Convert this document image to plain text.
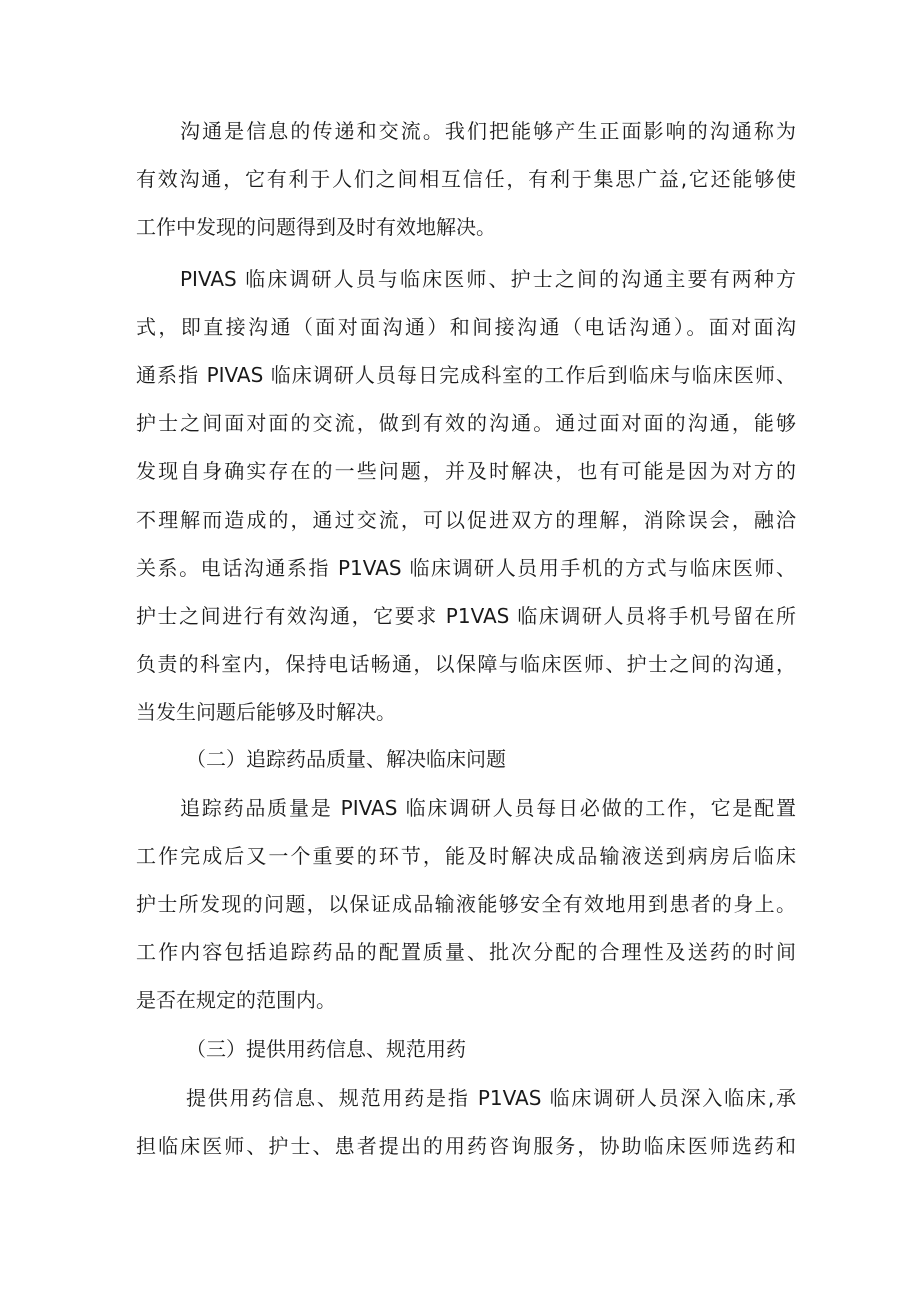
沟通是信息的传递和交流。我们把能够产生正面影响的沟通称为
有效沟通，它有利于人们之间相互信任，有利于集思广益,它还能够使
工作中发现的问题得到及时有效地解决。
PIVAS 临床调研人员与临床医师、护士之间的沟通主要有两种方
式，即直接沟通（面对面沟通）和间接沟通（电话沟通）。面对面沟
通系指 PIVAS 临床调研人员每日完成科室的工作后到临床与临床医师、
护士之间面对面的交流，做到有效的沟通。通过面对面的沟通，能够
发现自身确实存在的一些问题，并及时解决，也有可能是因为对方的
不理解而造成的，通过交流，可以促进双方的理解，消除误会，融洽
关系。电话沟通系指 P1VAS 临床调研人员用手机的方式与临床医师、
护士之间进行有效沟通，它要求 P1VAS 临床调研人员将手机号留在所
负责的科室内，保持电话畅通，以保障与临床医师、护士之间的沟通，
当发生问题后能够及时解决。
（二）追踪药品质量、解决临床问题
追踪药品质量是 PIVAS 临床调研人员每日必做的工作，它是配置
工作完成后又一个重要的环节，能及时解决成品输液送到病房后临床
护士所发现的问题，以保证成品输液能够安全有效地用到患者的身上。
工作内容包括追踪药品的配置质量、批次分配的合理性及送药的时间
是否在规定的范围内。
（三）提供用药信息、规范用药
提供用药信息、规范用药是指 P1VAS 临床调研人员深入临床,承
担临床医师、护士、患者提出的用药咨询服务，协助临床医师选药和
